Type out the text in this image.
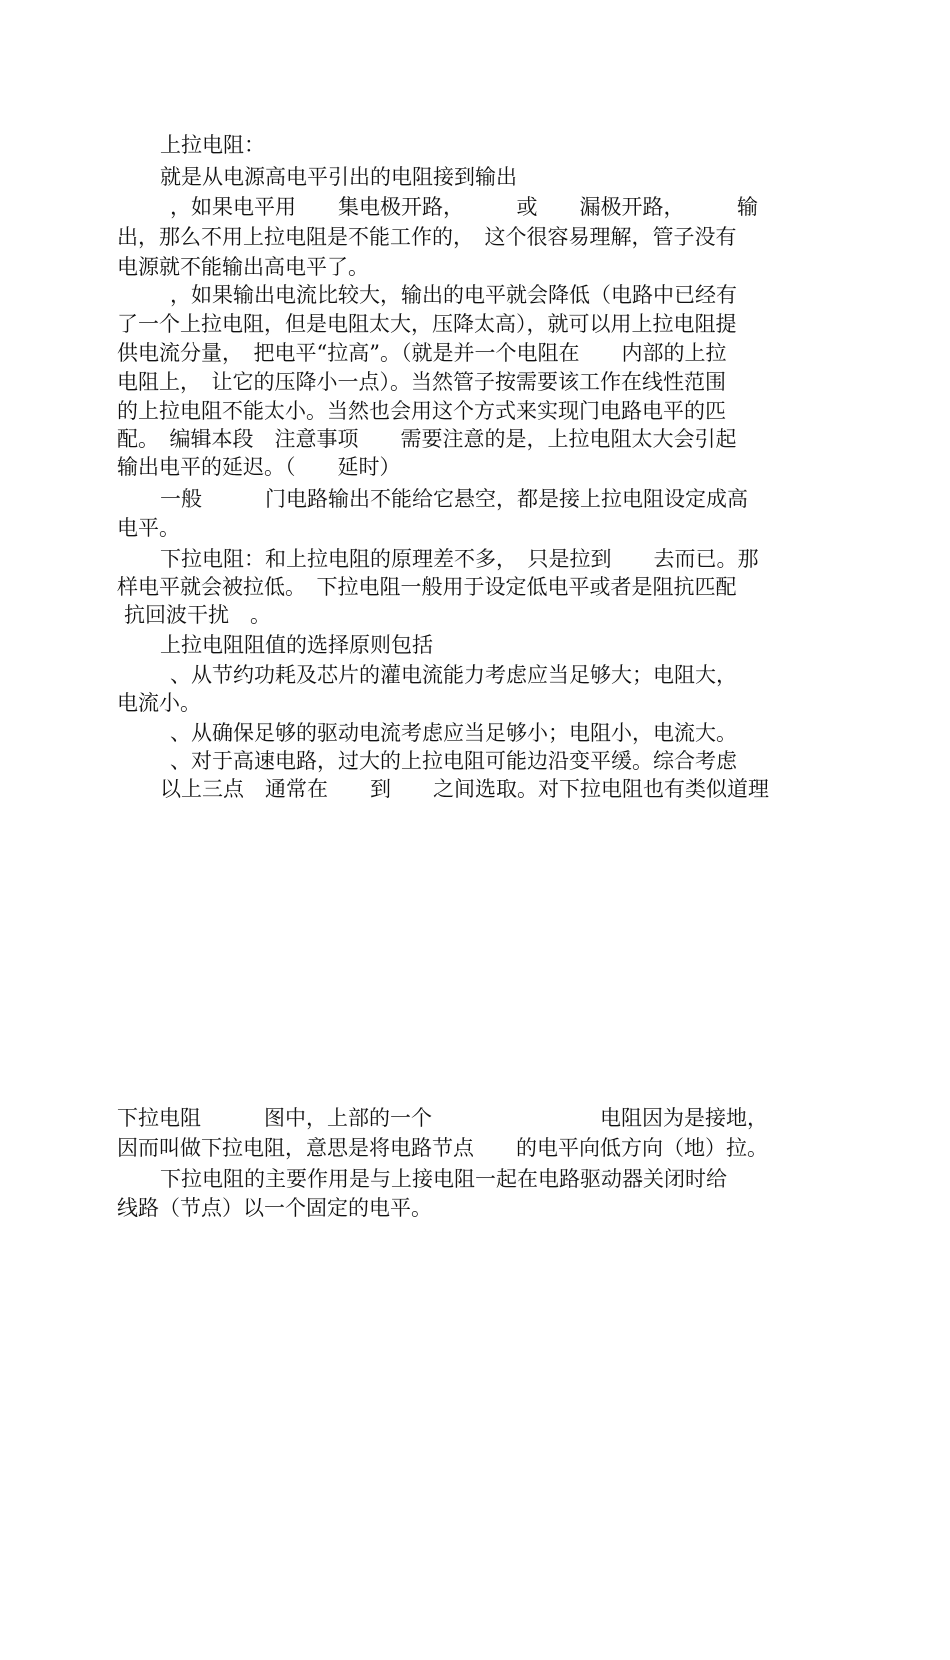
上拉电阻：
就是从电源高电平引出的电阻接到输出
，如果电平用　　集电极开路，　　　或　　漏极开路，　　　输
出，那么不用上拉电阻是不能工作的，　这个很容易理解，管子没有
电源就不能输出高电平了。
，如果输出电流比较大，输出的电平就会降低（电路中已经有
了一个上拉电阻，但是电阻太大，压降太高），就可以用上拉电阻提
供电流分量，　把电平“拉高”。（就是并一个电阻在　　内部的上拉
电阻上，　让它的压降小一点）。当然管子按需要该工作在线性范围
的上拉电阻不能太小。当然也会用这个方式来实现门电路电平的匹
配。　编辑本段　注意事项　　需要注意的是，上拉电阻太大会引起
输出电平的延迟。（　　延时）
一般　　　门电路输出不能给它悬空，都是接上拉电阻设定成高
电平。
下拉电阻：和上拉电阻的原理差不多，　只是拉到　　去而已。那
样电平就会被拉低。　下拉电阻一般用于设定低电平或者是阻抗匹配
抗回波干扰　。
上拉电阻阻值的选择原则包括
、从节约功耗及芯片的灌电流能力考虑应当足够大；电阻大，
电流小。
、从确保足够的驱动电流考虑应当足够小；电阻小，电流大。
、对于高速电路，过大的上拉电阻可能边沿变平缓。综合考虑
以上三点　通常在　　到　　之间选取。对下拉电阻也有类似道理
下拉电阻　　　图中，上部的一个　　　　　　　　电阻因为是接地，
因而叫做下拉电阻，意思是将电路节点　　的电平向低方向（地）拉。
下拉电阻的主要作用是与上接电阻一起在电路驱动器关闭时给
线路（节点）以一个固定的电平。
